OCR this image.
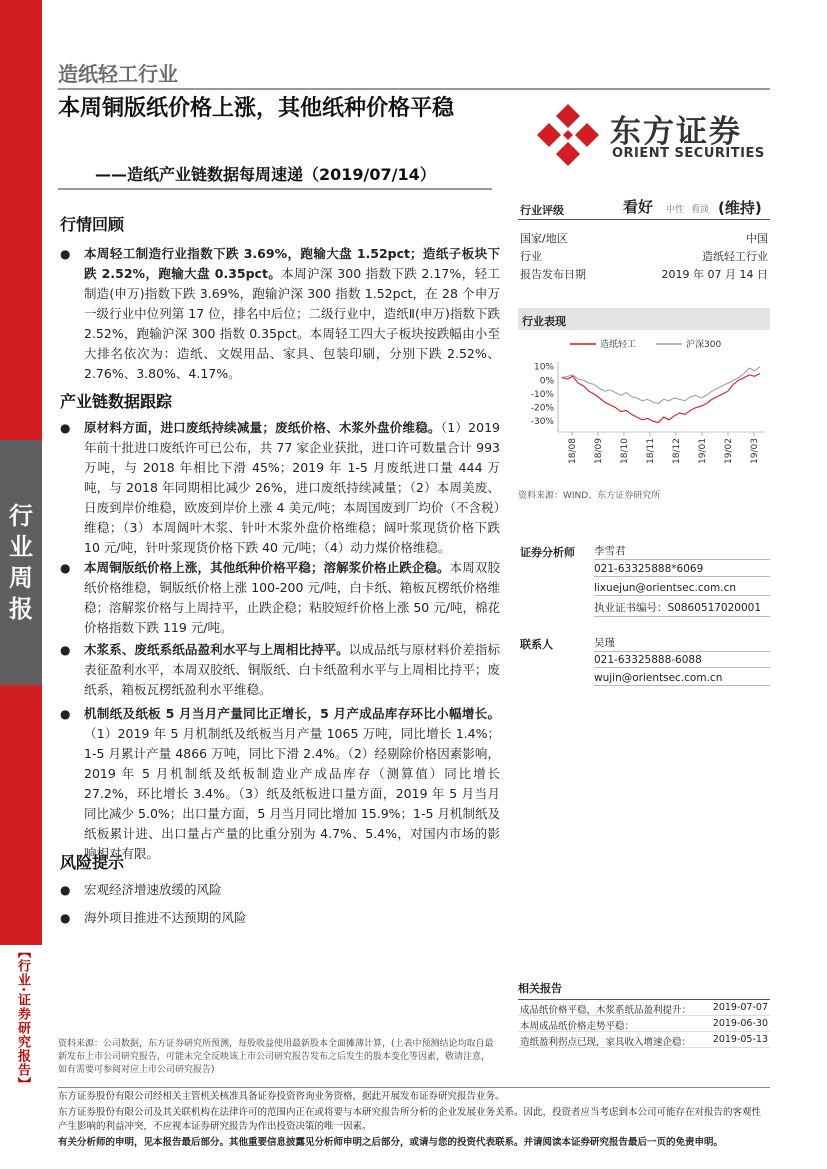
行
业
周
报
【行业·证券研究报告】
造纸轻工行业
本周铜版纸价格上涨，其他纸种价格平稳
——造纸产业链数据每周速递（2019/07/14）
东方证券
ORIENT SECURITIES
行情回顾
● 本周轻工制造行业指数下跌 3.69%，跑输大盘 1.52pct；造纸子板块下跌 2.52%，跑输大盘 0.35pct。本周沪深 300 指数下跌 2.17%，轻工制造(申万)指数下跌 3.69%，跑输沪深 300 指数 1.52pct，在 28 个申万一级行业中位列第 17 位，排名中后位；二级行业中，造纸Ⅱ(申万)指数下跌 2.52%，跑输沪深 300 指数 0.35pct。本周轻工四大子板块按跌幅由小至大排名依次为：造纸、文娱用品、家具、包装印刷，分别下跌 2.52%、2.76%、3.80%、4.17%。
产业链数据跟踪
● 原材料方面，进口废纸持续减量；废纸价格、木浆外盘价维稳。（1）2019 年前十批进口废纸许可已公布，共 77 家企业获批，进口许可数量合计 993 万吨，与 2018 年相比下滑 45%；2019 年 1-5 月废纸进口量 444 万吨，与 2018 年同期相比减少 26%，进口废纸持续减量；（2）本周美废、日废到岸价维稳，欧废到岸价上涨 4 美元/吨；本周国废到厂均价（不含税）维稳；（3）本周阔叶木浆、针叶木浆外盘价格维稳；阔叶浆现货价格下跌 10 元/吨，针叶浆现货价格下跌 40 元/吨；（4）动力煤价格维稳。
● 本周铜版纸价格上涨，其他纸种价格平稳；溶解浆价格止跌企稳。本周双胶纸价格维稳，铜版纸价格上涨 100-200 元/吨，白卡纸、箱板瓦楞纸价格维稳；溶解浆价格与上周持平，止跌企稳；粘胶短纤价格上涨 50 元/吨，棉花价格指数下跌 119 元/吨。
● 木浆系、废纸系纸品盈利水平与上周相比持平。以成品纸与原材料价差指标表征盈利水平，本周双胶纸、铜版纸、白卡纸盈利水平与上周相比持平；废纸系，箱板瓦楞纸盈利水平维稳。
● 机制纸及纸板 5 月当月产量同比正增长，5 月产成品库存环比小幅增长。（1）2019 年 5 月机制纸及纸板当月产量 1065 万吨，同比增长 1.4%；1-5 月累计产量 4866 万吨，同比下滑 2.4%。（2）经剔除价格因素影响，2019 年 5 月机制纸及纸板制造业产成品库存（测算值）同比增长 27.2%，环比增长 3.4%。（3）纸及纸板进口量方面，2019 年 5 月当月同比减少 5.0%；出口量方面，5 月当月同比增加 15.9%；1-5 月机制纸及纸板累计进、出口量占产量的比重分别为 4.7%、5.4%，对国内市场的影响相对有限。
风险提示
● 宏观经济增速放缓的风险
● 海外项目推进不达预期的风险
行业评级	看好 中性 看淡 (维持)
国家/地区	中国
行业	造纸轻工行业
报告发布日期	2019 年 07 月 14 日
行业表现
造纸轻工	沪深300
10%
0%
-10%
-20%
-30%
18/08 18/09 18/10 18/11 18/12 19/01 19/02 19/03
资料来源：WIND、东方证券研究所
证券分析师 李雪君
021-63325888*6069
lixuejun@orientsec.com.cn
执业证书编号：S0860517020001
联系人	吴瑾
021-63325888-6088
wujin@orientsec.com.cn
相关报告
成品纸价格平稳，木浆系纸品盈利提升： 2019-07-07
本周成品纸价格走势平稳：	2019-06-30
造纸盈利拐点已现，家具收入增速企稳： 2019-05-13
资料来源：公司数据，东方证券研究所预测，每股收益使用最新股本全面摊薄计算，(上表中预测结论均取自最新发布上市公司研究报告，可能未完全反映该上市公司研究报告发布之后发生的股本变化等因素，敬请注意，如有需要可参阅对应上市公司研究报告)
东方证券股份有限公司经相关主管机关核准具备证券投资咨询业务资格，据此开展发布证券研究报告业务。
东方证券股份有限公司及其关联机构在法律许可的范围内正在或将要与本研究报告所分析的企业发展业务关系。因此，投资者应当考虑到本公司可能存在对报告的客观性产生影响的利益冲突，不应视本证券研究报告为作出投资决策的唯一因素。
有关分析师的申明，见本报告最后部分。其他重要信息披露见分析师申明之后部分，或请与您的投资代表联系。并请阅读本证券研究报告最后一页的免责申明。
